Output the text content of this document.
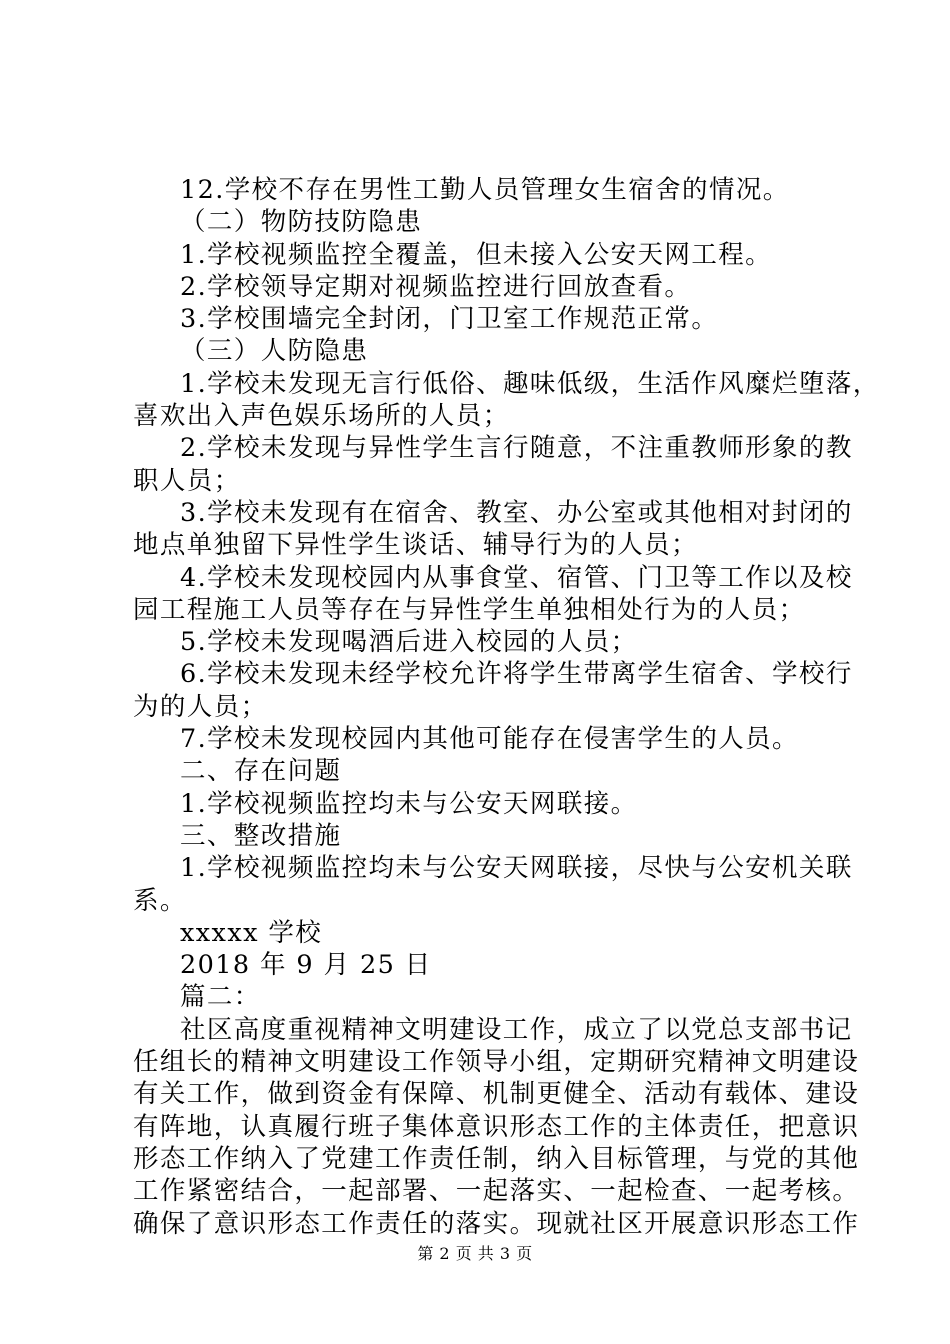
12.学校不存在男性工勤人员管理女生宿舍的情况。
（二）物防技防隐患
1.学校视频监控全覆盖，但未接入公安天网工程。
2.学校领导定期对视频监控进行回放查看。
3.学校围墙完全封闭，门卫室工作规范正常。
（三）人防隐患
1.学校未发现无言行低俗、趣味低级，生活作风糜烂堕落，
喜欢出入声色娱乐场所的人员；
2.学校未发现与异性学生言行随意，不注重教师形象的教
职人员；
3.学校未发现有在宿舍、教室、办公室或其他相对封闭的
地点单独留下异性学生谈话、辅导行为的人员；
4.学校未发现校园内从事食堂、宿管、门卫等工作以及校
园工程施工人员等存在与异性学生单独相处行为的人员；
5.学校未发现喝酒后进入校园的人员；
6.学校未发现未经学校允许将学生带离学生宿舍、学校行
为的人员；
7.学校未发现校园内其他可能存在侵害学生的人员。
二、存在问题
1.学校视频监控均未与公安天网联接。
三、整改措施
1.学校视频监控均未与公安天网联接，尽快与公安机关联
系。
xxxxx 学校
2018 年 9 月 25 日
篇二：
社区高度重视精神文明建设工作，成立了以党总支部书记
任组长的精神文明建设工作领导小组，定期研究精神文明建设
有关工作，做到资金有保障、机制更健全、活动有载体、建设
有阵地，认真履行班子集体意识形态工作的主体责任，把意识
形态工作纳入了党建工作责任制，纳入目标管理，与党的其他
工作紧密结合，一起部署、一起落实、一起检查、一起考核。
确保了意识形态工作责任的落实。现就社区开展意识形态工作
第 2 页 共 3 页
